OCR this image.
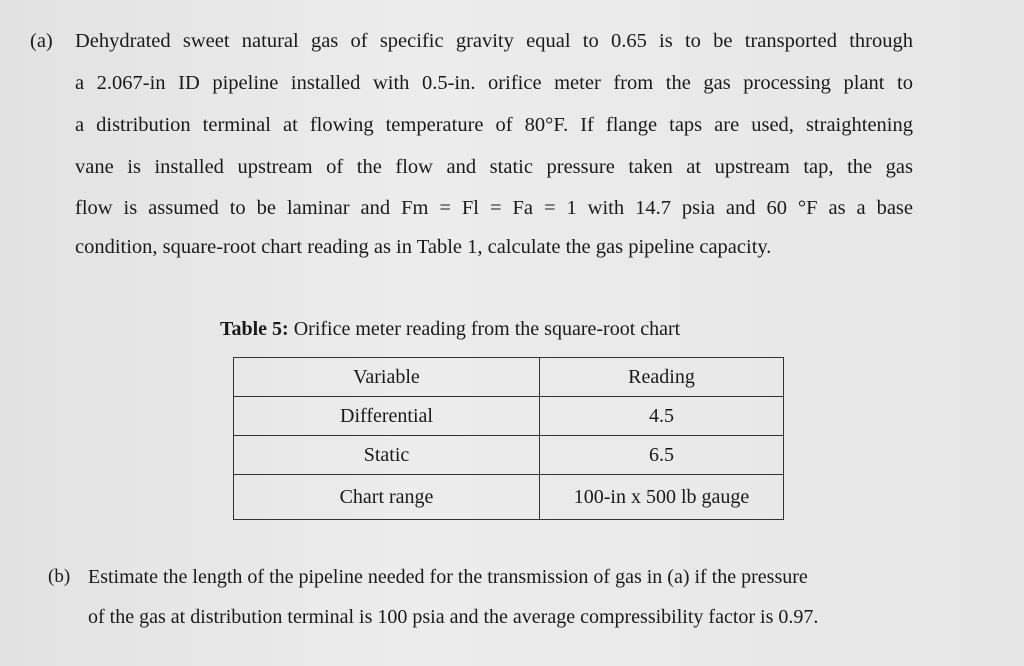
(a) Dehydrated sweet natural gas of specific gravity equal to 0.65 is to be transported through
a 2.067-in ID pipeline installed with 0.5-in. orifice meter from the gas processing plant to
a distribution terminal at flowing temperature of 80°F. If flange taps are used, straightening
vane is installed upstream of the flow and static pressure taken at upstream tap, the gas
flow is assumed to be laminar and Fm = Fl = Fa = 1 with 14.7 psia and 60 °F as a base
condition, square-root chart reading as in Table 1, calculate the gas pipeline capacity.
Table 5: Orifice meter reading from the square-root chart
Variable	Reading
Differential	4.5
Static	6.5
Chart range	100-in x 500 lb gauge
(b) Estimate the length of the pipeline needed for the transmission of gas in (a) if the pressure
of the gas at distribution terminal is 100 psia and the average compressibility factor is 0.97.
